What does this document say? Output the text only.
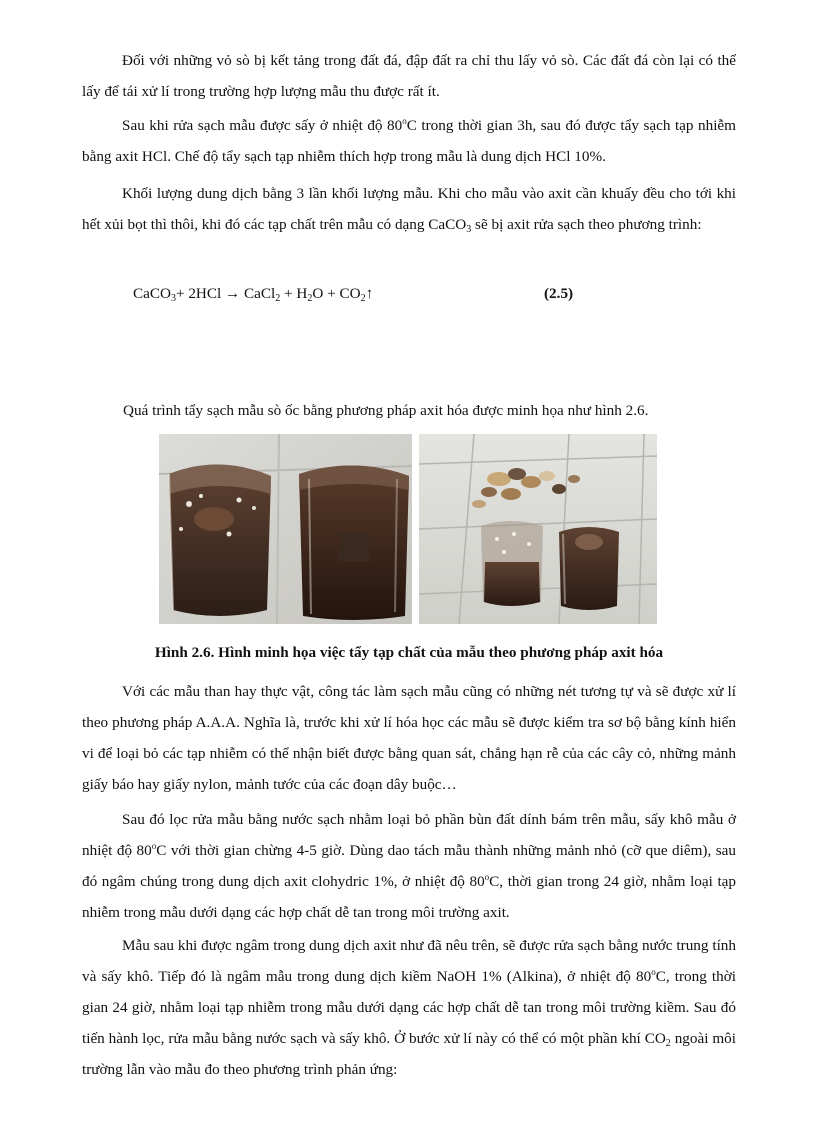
Đối với những vỏ sò bị kết tảng trong đất đá, đập đất ra chỉ thu lấy vỏ sò. Các đất đá còn lại có thể lấy để tái xử lí trong trường hợp lượng mẫu thu được rất ít.

Sau khi rửa sạch mẫu được sấy ở nhiệt độ 80$^o$C trong thời gian 3h, sau đó được tẩy sạch tạp nhiễm bằng axit HCl. Chế độ tẩy sạch tạp nhiễm thích hợp trong mẫu là dung dịch HCl 10%.

Khối lượng dung dịch bằng 3 lần khối lượng mẫu. Khi cho mẫu vào axit cần khuấy đều cho tới khi hết xủi bọt thì thôi, khi đó các tạp chất trên mẫu có dạng CaCO$_3$ sẽ bị axit rửa sạch theo phương trình:

CaCO$_3$+ 2HCl → CaCl$_2$ + $H_2O$ + $CO_2↑$	(2.5)

Quá trình tẩy sạch mẫu sò ốc bằng phương pháp axit hóa được minh họa như hình 2.6.

Hình 2.6. Hình minh họa việc tẩy tạp chất của mẫu theo phương pháp axit hóa

Với các mẫu than hay thực vật, công tác làm sạch mẫu cũng có những nét tương tự và sẽ được xử lí theo phương pháp A.A.A. Nghĩa là, trước khi xử lí hóa học các mẫu sẽ được kiểm tra sơ bộ bằng kính hiển vi để loại bỏ các tạp nhiễm có thể nhận biết được bằng quan sát, chẳng hạn rễ của các cây cỏ, những mảnh giấy báo hay giấy nylon, mảnh tước của các đoạn dây buộc…

Sau đó lọc rửa mẫu bằng nước sạch nhằm loại bỏ phần bùn đất dính bám trên mẫu, sấy khô mẫu ở nhiệt độ 80$^o$C với thời gian chừng 4-5 giờ. Dùng dao tách mẫu thành những mảnh nhỏ (cỡ que diêm), sau đó ngâm chúng trong dung dịch axit clohydric 1%, ở nhiệt độ 80$^o$C, thời gian trong 24 giờ, nhằm loại tạp nhiễm trong mẫu dưới dạng các hợp chất dễ tan trong môi trường axit.

Mẫu sau khi được ngâm trong dung dịch axit như đã nêu trên, sẽ được rửa sạch bằng nước trung tính và sấy khô. Tiếp đó là ngâm mẫu trong dung dịch kiềm NaOH 1% (Alkina), ở nhiệt độ 80$^o$C, trong thời gian 24 giờ, nhằm loại tạp nhiễm trong mẫu dưới dạng các hợp chất dễ tan trong môi trường kiềm. Sau đó tiến hành lọc, rửa mẫu bằng nước sạch và sấy khô. Ở bước xử lí này có thể có một phần khí $CO_2$ ngoài môi trường lẫn vào mẫu đo theo phương trình phản ứng:
